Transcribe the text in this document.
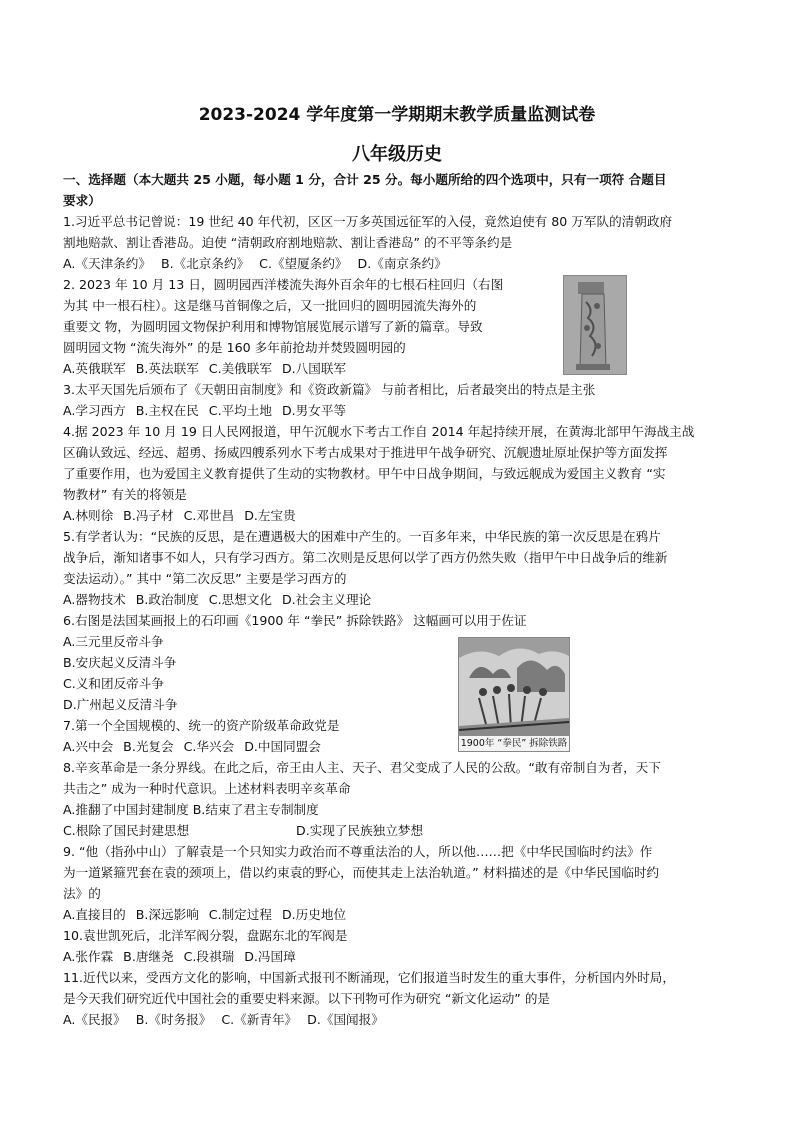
2023-2024 学年度第一学期期末教学质量监测试卷
八年级历史
一、选择题（本大题共 25 小题，每小题 1 分，合计 25 分。每小题所给的四个选项中，只有一项符 合题目
要求）
1.习近平总书记曾说：19 世纪 40 年代初，区区一万多英国远征军的入侵，竟然迫使有 80 万军队的清朝政府
割地赔款、割让香港岛。迫使 “清朝政府割地赔款、割让香港岛” 的不平等条约是
A.《天津条约》 B.《北京条约》 C.《望厦条约》 D.《南京条约》
2. 2023 年 10 月 13 日，圆明园西洋楼流失海外百余年的七根石柱回归（右图
为其 中一根石柱）。这是继马首铜像之后，又一批回归的圆明园流失海外的
重要文 物，为圆明园文物保护利用和博物馆展览展示谱写了新的篇章。导致
圆明园文物 “流失海外” 的是 160 多年前抢劫并焚毁圆明园的
A.英俄联军 B.英法联军 C.美俄联军 D.八国联军
3.太平天国先后颁布了《天朝田亩制度》和《资政新篇》 与前者相比，后者最突出的特点是主张
A.学习西方 B.主权在民 C.平均土地 D.男女平等
4.据 2023 年 10 月 19 日人民网报道，甲午沉舰水下考古工作自 2014 年起持续开展，在黄海北部甲午海战主战
区确认致远、经远、超勇、扬威四艘系列水下考古成果对于推进甲午战争研究、沉舰遗址原址保护等方面发挥
了重要作用，也为爱国主义教育提供了生动的实物教材。甲午中日战争期间，与致远舰成为爱国主义教育 “实
物教材” 有关的将领是
A.林则徐 B.冯子材 C.邓世昌 D.左宝贵
5.有学者认为：“民族的反思，是在遭遇极大的困难中产生的。一百多年来，中华民族的第一次反思是在鸦片
战争后，渐知诸事不如人，只有学习西方。第二次则是反思何以学了西方仍然失败（指甲午中日战争后的维新
变法运动）。” 其中 “第二次反思” 主要是学习西方的
A.器物技术 B.政治制度 C.思想文化 D.社会主义理论
6.右图是法国某画报上的石印画《1900 年 “拳民” 拆除铁路》 这幅画可以用于佐证
A.三元里反帝斗争
B.安庆起义反清斗争
C.义和团反帝斗争
D.广州起义反清斗争
1900年 “拳民” 拆除铁路
7.第一个全国规模的、统一的资产阶级革命政党是
A.兴中会 B.光复会 C.华兴会 D.中国同盟会
8.辛亥革命是一条分界线。在此之后，帝王由人主、天子、君父变成了人民的公敌。“敢有帝制自为者，天下
共击之” 成为一种时代意识。上述材料表明辛亥革命
A.推翻了中国封建制度 B.结束了君主专制制度
C.根除了国民封建思想	D.实现了民族独立梦想
9. “他（指孙中山）了解袁是一个只知实力政治而不尊重法治的人，所以他……把《中华民国临时约法》作
为一道紧箍咒套在袁的颈项上，借以约束袁的野心，而使其走上法治轨道。” 材料描述的是《中华民国临时约
法》的
A.直接目的 B.深远影响 C.制定过程 D.历史地位
10.袁世凯死后，北洋军阀分裂，盘踞东北的军阀是
A.张作霖 B.唐继尧 C.段祺瑞 D.冯国璋
11.近代以来，受西方文化的影响，中国新式报刊不断涌现，它们报道当时发生的重大事件，分析国内外时局，
是今天我们研究近代中国社会的重要史料来源。以下刊物可作为研究 “新文化运动” 的是
A.《民报》 B.《时务报》 C.《新青年》 D.《国闻报》
